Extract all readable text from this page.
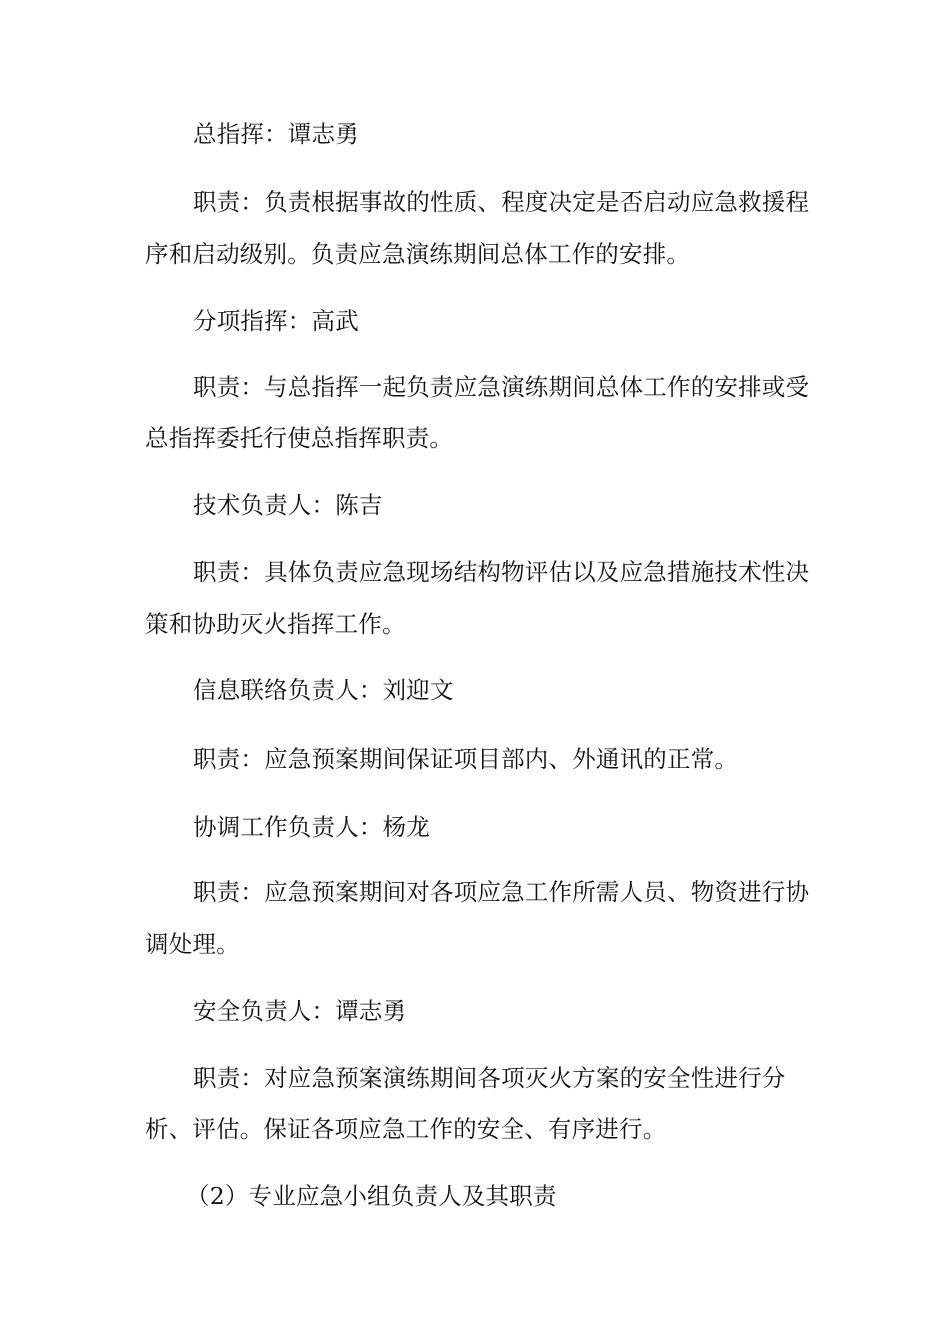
总指挥：谭志勇
职责：负责根据事故的性质、程度决定是否启动应急救援程
序和启动级别。负责应急演练期间总体工作的安排。
分项指挥：高武
职责：与总指挥一起负责应急演练期间总体工作的安排或受
总指挥委托行使总指挥职责。
技术负责人：陈吉
职责：具体负责应急现场结构物评估以及应急措施技术性决
策和协助灭火指挥工作。
信息联络负责人：刘迎文
职责：应急预案期间保证项目部内、外通讯的正常。
协调工作负责人：杨龙
职责：应急预案期间对各项应急工作所需人员、物资进行协
调处理。
安全负责人：谭志勇
职责：对应急预案演练期间各项灭火方案的安全性进行分
析、评估。保证各项应急工作的安全、有序进行。
（2）专业应急小组负责人及其职责
